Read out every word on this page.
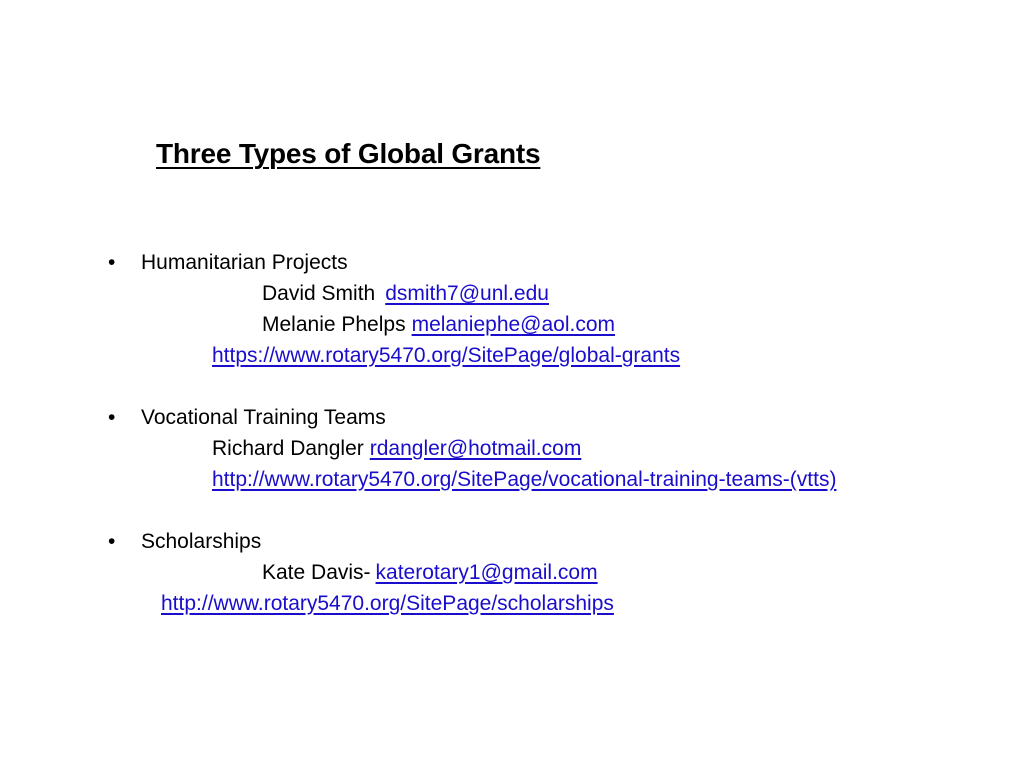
Three Types of Global Grants
• Humanitarian Projects
David Smith dsmith7@unl.edu
Melanie Phelps melaniephe@aol.com
https://www.rotary5470.org/SitePage/global-grants
• Vocational Training Teams
Richard Dangler rdangler@hotmail.com
http://www.rotary5470.org/SitePage/vocational-training-teams-(vtts)
• Scholarships
Kate Davis- katerotary1@gmail.com
http://www.rotary5470.org/SitePage/scholarships
